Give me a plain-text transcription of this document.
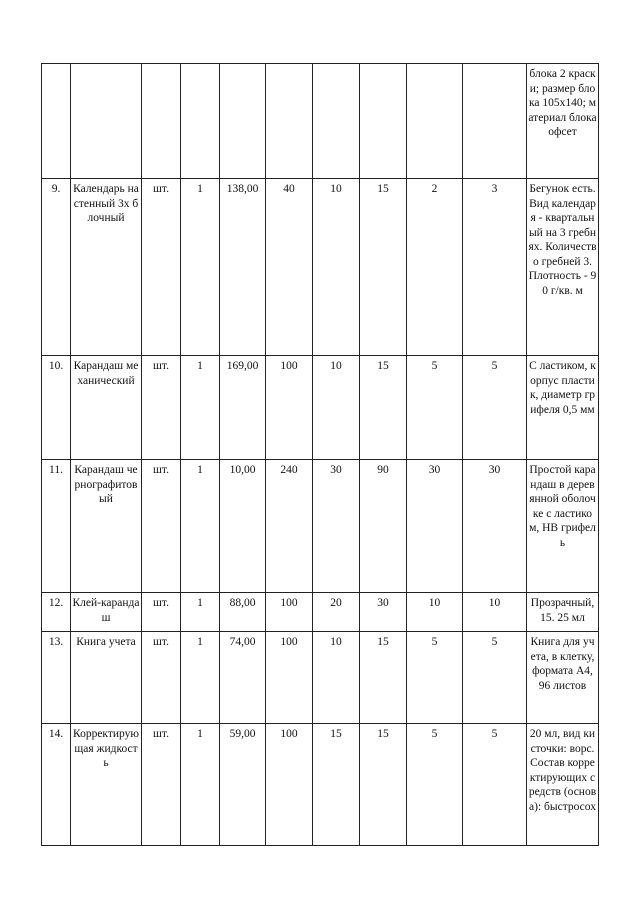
										блока 2 краски; размер блока 105x140; материал блока офсет
9.	Календарь настенный 3х блочный	шт.	1	138,00	40	10	15	2	3	Бегунок есть. Вид календаря - квартальный на 3 гребнях. Количество гребней 3. Плотность - 90 г/кв. м
10.	Карандаш механический	шт.	1	169,00	100	10	15	5	5	С ластиком, корпус пластик, диаметр грифеля 0,5 мм
11.	Карандаш чернографитовый	шт.	1	10,00	240	30	90	30	30	Простой карандаш в деревянной оболочке с ластиком, HB грифель
12.	Клей-карандаш	шт.	1	88,00	100	20	30	10	10	Прозрачный, 15. 25 мл
13.	Книга учета	шт.	1	74,00	100	10	15	5	5	Книга для учета, в клетку, формата А4, 96 листов
14.	Корректирующая жидкость	шт.	1	59,00	100	15	15	5	5	20 мл, вид кисточки: ворс. Состав корректирующих средств (основа): быстросох
